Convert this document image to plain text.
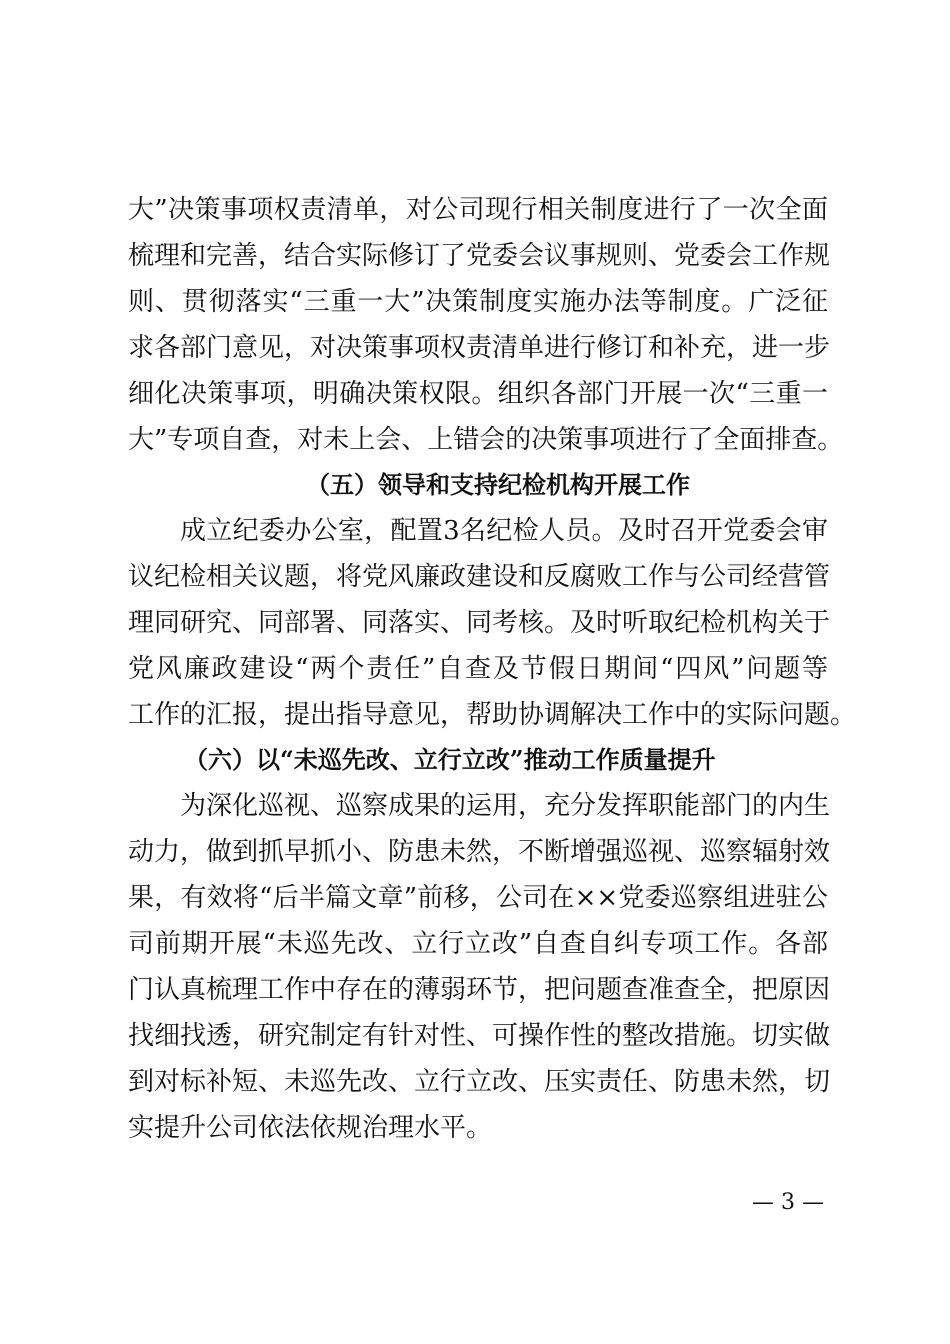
大”决策事项权责清单，对公司现行相关制度进行了一次全面
梳理和完善，结合实际修订了党委会议事规则、党委会工作规
则、贯彻落实“三重一大”决策制度实施办法等制度。广泛征
求各部门意见，对决策事项权责清单进行修订和补充，进一步
细化决策事项，明确决策权限。组织各部门开展一次“三重一
大”专项自查，对未上会、上错会的决策事项进行了全面排查。
（五）领导和支持纪检机构开展工作
成立纪委办公室，配置3名纪检人员。及时召开党委会审
议纪检相关议题，将党风廉政建设和反腐败工作与公司经营管
理同研究、同部署、同落实、同考核。及时听取纪检机构关于
党风廉政建设“两个责任”自查及节假日期间“四风”问题等
工作的汇报，提出指导意见，帮助协调解决工作中的实际问题。
（六）以“未巡先改、立行立改”推动工作质量提升
为深化巡视、巡察成果的运用，充分发挥职能部门的内生
动力，做到抓早抓小、防患未然，不断增强巡视、巡察辐射效
果，有效将“后半篇文章”前移，公司在××党委巡察组进驻公
司前期开展“未巡先改、立行立改”自查自纠专项工作。各部
门认真梳理工作中存在的薄弱环节，把问题查准查全，把原因
找细找透，研究制定有针对性、可操作性的整改措施。切实做
到对标补短、未巡先改、立行立改、压实责任、防患未然，切
实提升公司依法依规治理水平。
— 3 —
